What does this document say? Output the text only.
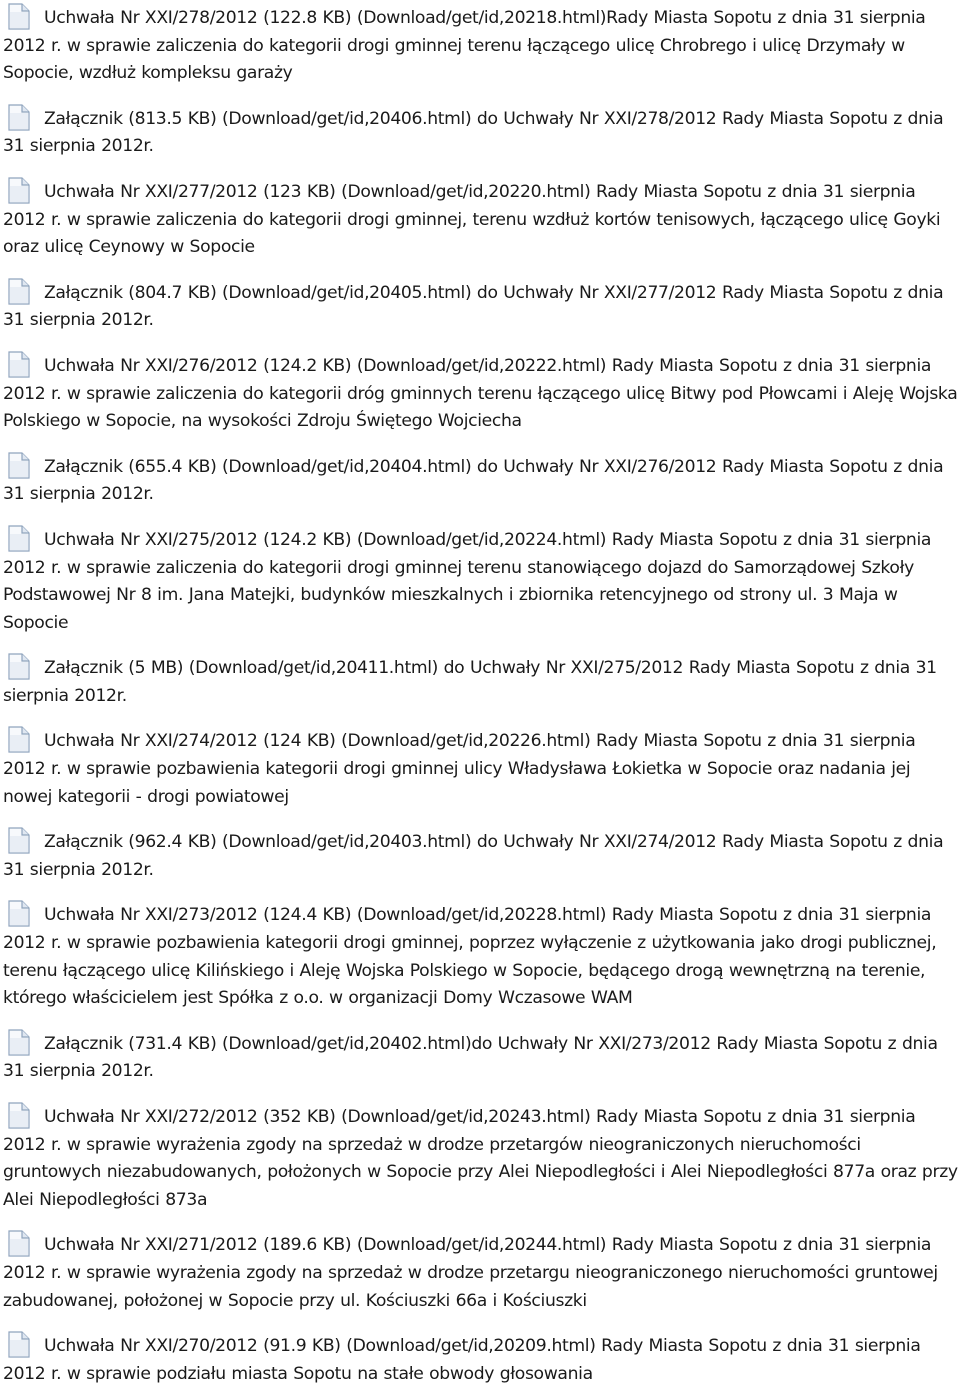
Uchwała Nr XXI/278/2012 (122.8 KB) (Download/get/id,20218.html)Rady Miasta Sopotu z dnia 31 sierpnia 2012 r. w sprawie zaliczenia do kategorii drogi gminnej terenu łączącego ulicę Chrobrego i ulicę Drzymały w Sopocie, wzdłuż kompleksu garaży

Załącznik (813.5 KB) (Download/get/id,20406.html) do Uchwały Nr XXI/278/2012 Rady Miasta Sopotu z dnia 31 sierpnia 2012r.

Uchwała Nr XXI/277/2012 (123 KB) (Download/get/id,20220.html) Rady Miasta Sopotu z dnia 31 sierpnia 2012 r. w sprawie zaliczenia do kategorii drogi gminnej, terenu wzdłuż kortów tenisowych, łączącego ulicę Goyki oraz ulicę Ceynowy w Sopocie

Załącznik (804.7 KB) (Download/get/id,20405.html) do Uchwały Nr XXI/277/2012 Rady Miasta Sopotu z dnia 31 sierpnia 2012r.

Uchwała Nr XXI/276/2012 (124.2 KB) (Download/get/id,20222.html) Rady Miasta Sopotu z dnia 31 sierpnia 2012 r. w sprawie zaliczenia do kategorii dróg gminnych terenu łączącego ulicę Bitwy pod Płowcami i Aleję Wojska Polskiego w Sopocie, na wysokości Zdroju Świętego Wojciecha

Załącznik (655.4 KB) (Download/get/id,20404.html) do Uchwały Nr XXI/276/2012 Rady Miasta Sopotu z dnia 31 sierpnia 2012r.

Uchwała Nr XXI/275/2012 (124.2 KB) (Download/get/id,20224.html) Rady Miasta Sopotu z dnia 31 sierpnia 2012 r. w sprawie zaliczenia do kategorii drogi gminnej terenu stanowiącego dojazd do Samorządowej Szkoły Podstawowej Nr 8 im. Jana Matejki, budynków mieszkalnych i zbiornika retencyjnego od strony ul. 3 Maja w Sopocie

Załącznik (5 MB) (Download/get/id,20411.html) do Uchwały Nr XXI/275/2012 Rady Miasta Sopotu z dnia 31 sierpnia 2012r.

Uchwała Nr XXI/274/2012 (124 KB) (Download/get/id,20226.html) Rady Miasta Sopotu z dnia 31 sierpnia 2012 r. w sprawie pozbawienia kategorii drogi gminnej ulicy Władysława Łokietka w Sopocie oraz nadania jej nowej kategorii - drogi powiatowej

Załącznik (962.4 KB) (Download/get/id,20403.html) do Uchwały Nr XXI/274/2012 Rady Miasta Sopotu z dnia 31 sierpnia 2012r.

Uchwała Nr XXI/273/2012 (124.4 KB) (Download/get/id,20228.html) Rady Miasta Sopotu z dnia 31 sierpnia 2012 r. w sprawie pozbawienia kategorii drogi gminnej, poprzez wyłączenie z użytkowania jako drogi publicznej, terenu łączącego ulicę Kilińskiego i Aleję Wojska Polskiego w Sopocie, będącego drogą wewnętrzną na terenie, którego właścicielem jest Spółka z o.o. w organizacji Domy Wczasowe WAM

Załącznik (731.4 KB) (Download/get/id,20402.html)do Uchwały Nr XXI/273/2012 Rady Miasta Sopotu z dnia 31 sierpnia 2012r.

Uchwała Nr XXI/272/2012 (352 KB) (Download/get/id,20243.html) Rady Miasta Sopotu z dnia 31 sierpnia 2012 r. w sprawie wyrażenia zgody na sprzedaż w drodze przetargów nieograniczonych nieruchomości gruntowych niezabudowanych, położonych w Sopocie przy Alei Niepodległości i Alei Niepodległości 877a oraz przy Alei Niepodległości 873a

Uchwała Nr XXI/271/2012 (189.6 KB) (Download/get/id,20244.html) Rady Miasta Sopotu z dnia 31 sierpnia 2012 r. w sprawie wyrażenia zgody na sprzedaż w drodze przetargu nieograniczonego nieruchomości gruntowej zabudowanej, położonej w Sopocie przy ul. Kościuszki 66a i Kościuszki

Uchwała Nr XXI/270/2012 (91.9 KB) (Download/get/id,20209.html) Rady Miasta Sopotu z dnia 31 sierpnia 2012 r. w sprawie podziału miasta Sopotu na stałe obwody głosowania
